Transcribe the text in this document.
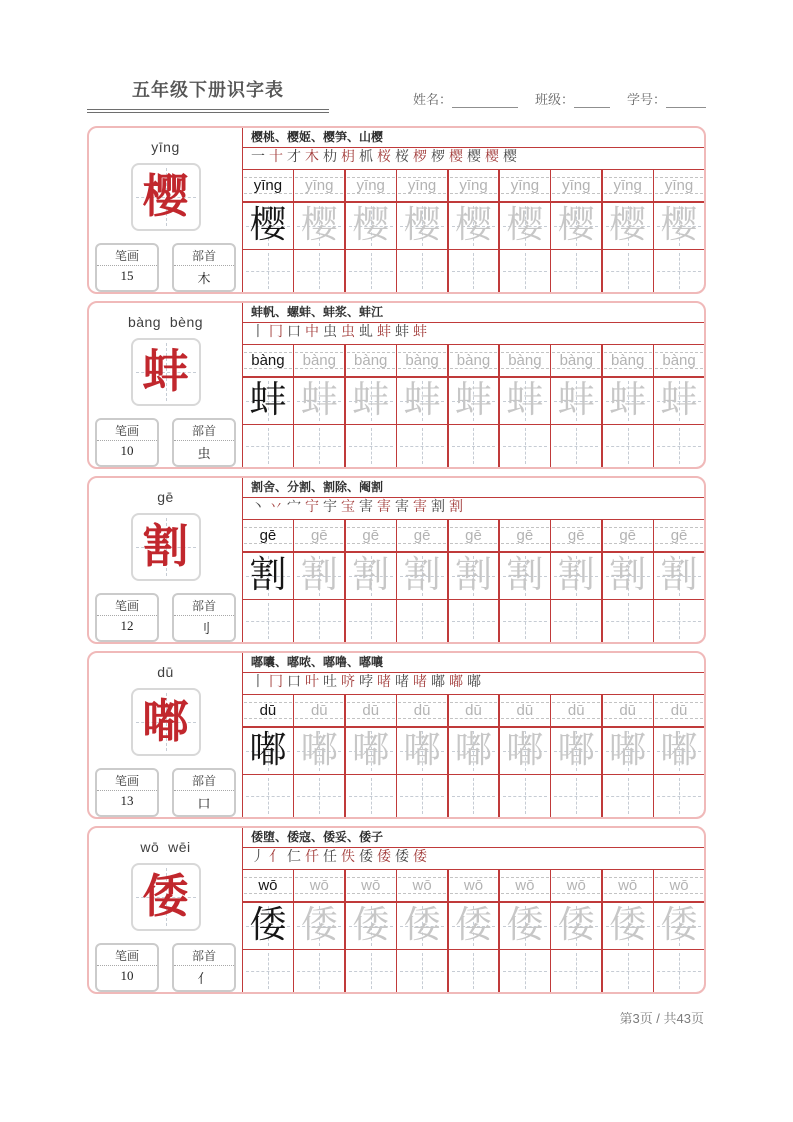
五年级下册识字表	姓名：	班级：	学号：
yīng
樱
笔画
15
部首
木
樱桃、樱姬、樱笋、山樱
一 十 才 木 朸 枂 枛 桜 桜 椤 椤 樱 樱 樱 樱
yīng yīng yīng yīng yīng yīng yīng yīng yīng
樱 樱 樱 樱 樱 樱 樱 樱 樱
bàng  bèng
蚌
笔画
10
部首
虫
蚌帆、螺蚌、蚌浆、蚌江
丨 冂 口 中 虫 虫 虬 蚌 蚌 蚌
bàng bàng bàng bàng bàng bàng bàng bàng bàng
蚌 蚌 蚌 蚌 蚌 蚌 蚌 蚌 蚌
gē
割
笔画
12
部首
刂
割舍、分割、割除、阉割
丶 丷 宀 宁 宇 宝 害 害 害 害 割 割
gē gē gē gē gē gē gē gē gē
割 割 割 割 割 割 割 割 割
dū
嘟
笔画
13
部首
口
嘟囔、嘟哝、嘟噜、嘟嚷
丨 冂 口 叶 吐 哜 哱 啫 啫 啫 嘟 嘟 嘟
dū dū dū dū dū dū dū dū dū
嘟 嘟 嘟 嘟 嘟 嘟 嘟 嘟 嘟
wō  wēi
倭
笔画
10
部首
亻
倭堕、倭寇、倭妥、倭子
丿 亻 仁 仟 任 佚 倭 倭 倭 倭
wō wō wō wō wō wō wō wō wō
倭 倭 倭 倭 倭 倭 倭 倭 倭
第3页 / 共43页
